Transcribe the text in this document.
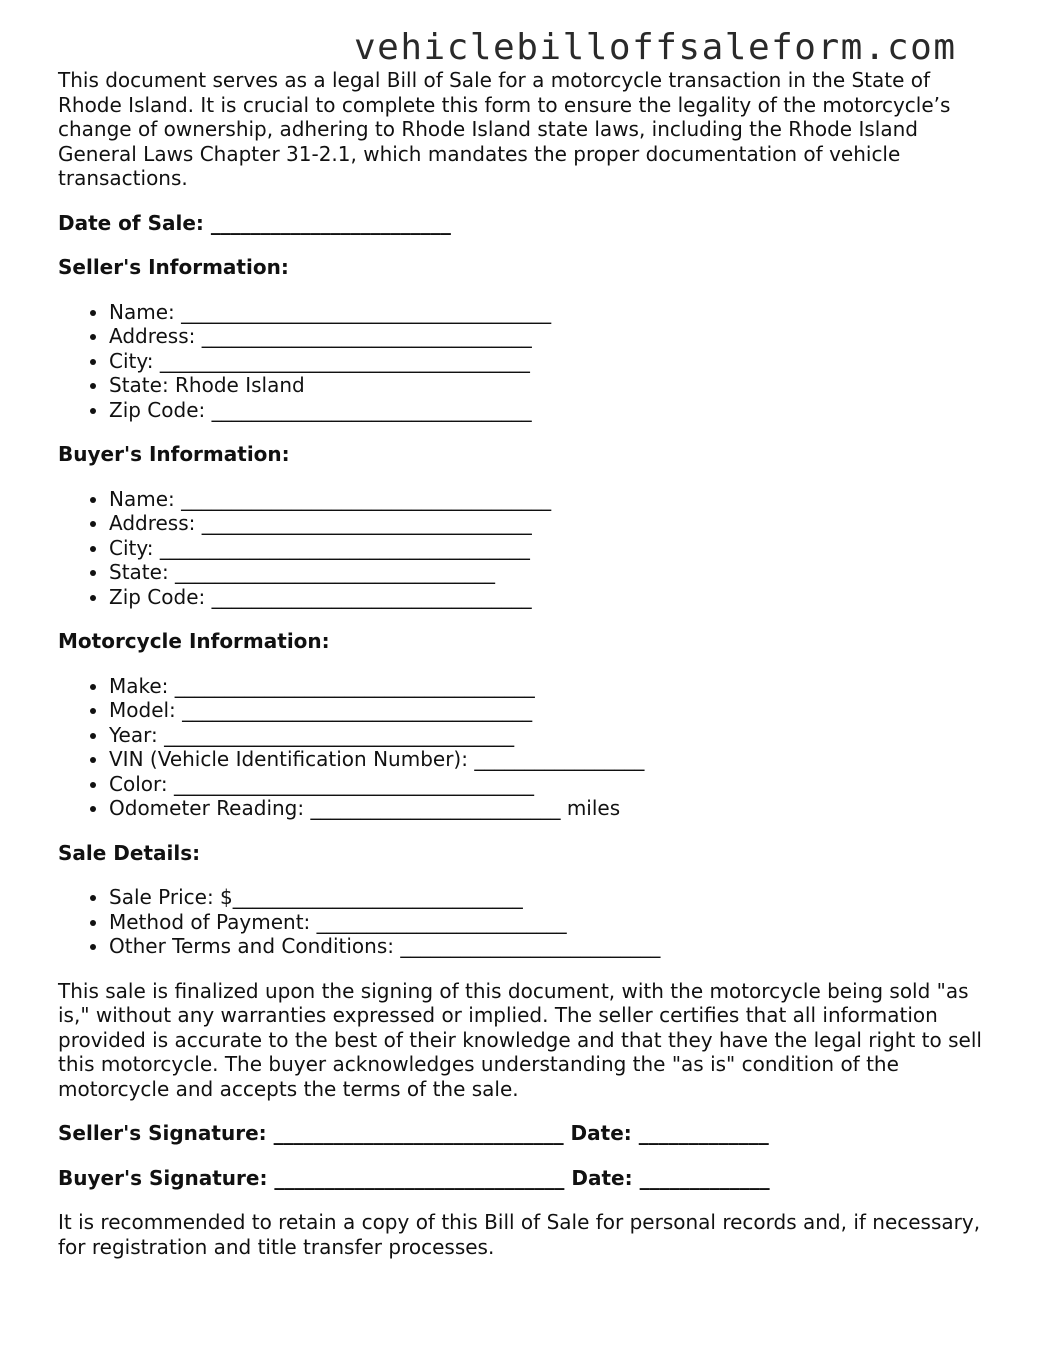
vehiclebilloffsaleform.com

This document serves as a legal Bill of Sale for a motorcycle transaction in the State of Rhode Island. It is crucial to complete this form to ensure the legality of the motorcycle’s change of ownership, adhering to Rhode Island state laws, including the Rhode Island General Laws Chapter 31-2.1, which mandates the proper documentation of vehicle transactions.

Date of Sale: ________________________

Seller's Information:

• Name: _____________________________________
• Address: _________________________________
• City: _____________________________________
• State: Rhode Island
• Zip Code: ________________________________

Buyer's Information:

• Name: _____________________________________
• Address: _________________________________
• City: _____________________________________
• State: ________________________________
• Zip Code: ________________________________

Motorcycle Information:

• Make: ____________________________________
• Model: ___________________________________
• Year: ___________________________________
• VIN (Vehicle Identification Number): _________________
• Color: ____________________________________
• Odometer Reading: _________________________ miles

Sale Details:

• Sale Price: $_____________________________
• Method of Payment: _________________________
• Other Terms and Conditions: __________________________

This sale is finalized upon the signing of this document, with the motorcycle being sold "as is," without any warranties expressed or implied. The seller certifies that all information provided is accurate to the best of their knowledge and that they have the legal right to sell this motorcycle. The buyer acknowledges understanding the "as is" condition of the motorcycle and accepts the terms of the sale.

Seller's Signature: _____________________________ Date: _____________

Buyer's Signature: _____________________________ Date: _____________

It is recommended to retain a copy of this Bill of Sale for personal records and, if necessary, for registration and title transfer processes.
